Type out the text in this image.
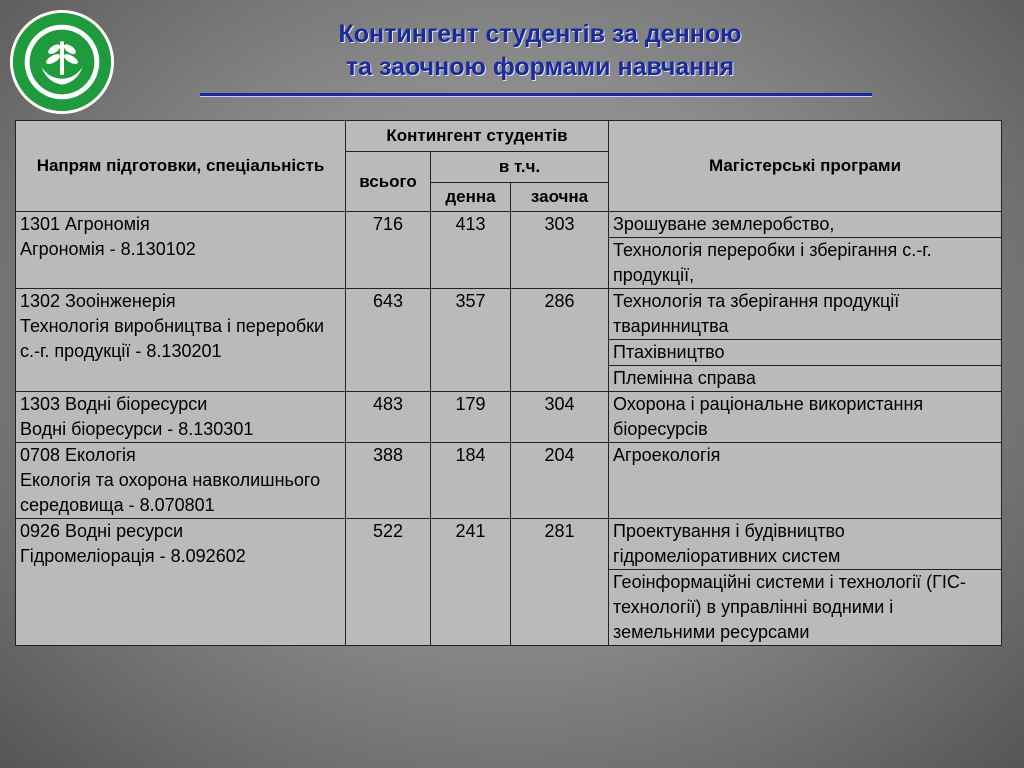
Контингент студентів за денною
та заочною формами навчання
Напрям підготовки, спеціальність	Контингент студентів			Магістерські програми
	всього	в т.ч.		
		денна	заочна	
1301 Агрономія
Агрономія - 8.130102	716	413	303	Зрошуване землеробство,
				Технологія переробки і зберігання с.-г. продукції,
1302 Зооінженерія
Технологія виробництва і переробки с.-г. продукції - 8.130201	643	357	286	Технологія та зберігання продукції тваринництва
				Птахівництво
				Племінна справа
1303 Водні біоресурси
Водні біоресурси - 8.130301	483	179	304	Охорона і раціональне використання біоресурсів
0708 Екологія
Екологія та охорона навколишнього середовища - 8.070801	388	184	204	Агроекологія
0926 Водні ресурси
Гідромеліорація - 8.092602	522	241	281	Проектування і будівництво гідромеліоративних систем
				Геоінформаційні системи і технології (ГІС-технології) в управлінні водними і земельними ресурсами
